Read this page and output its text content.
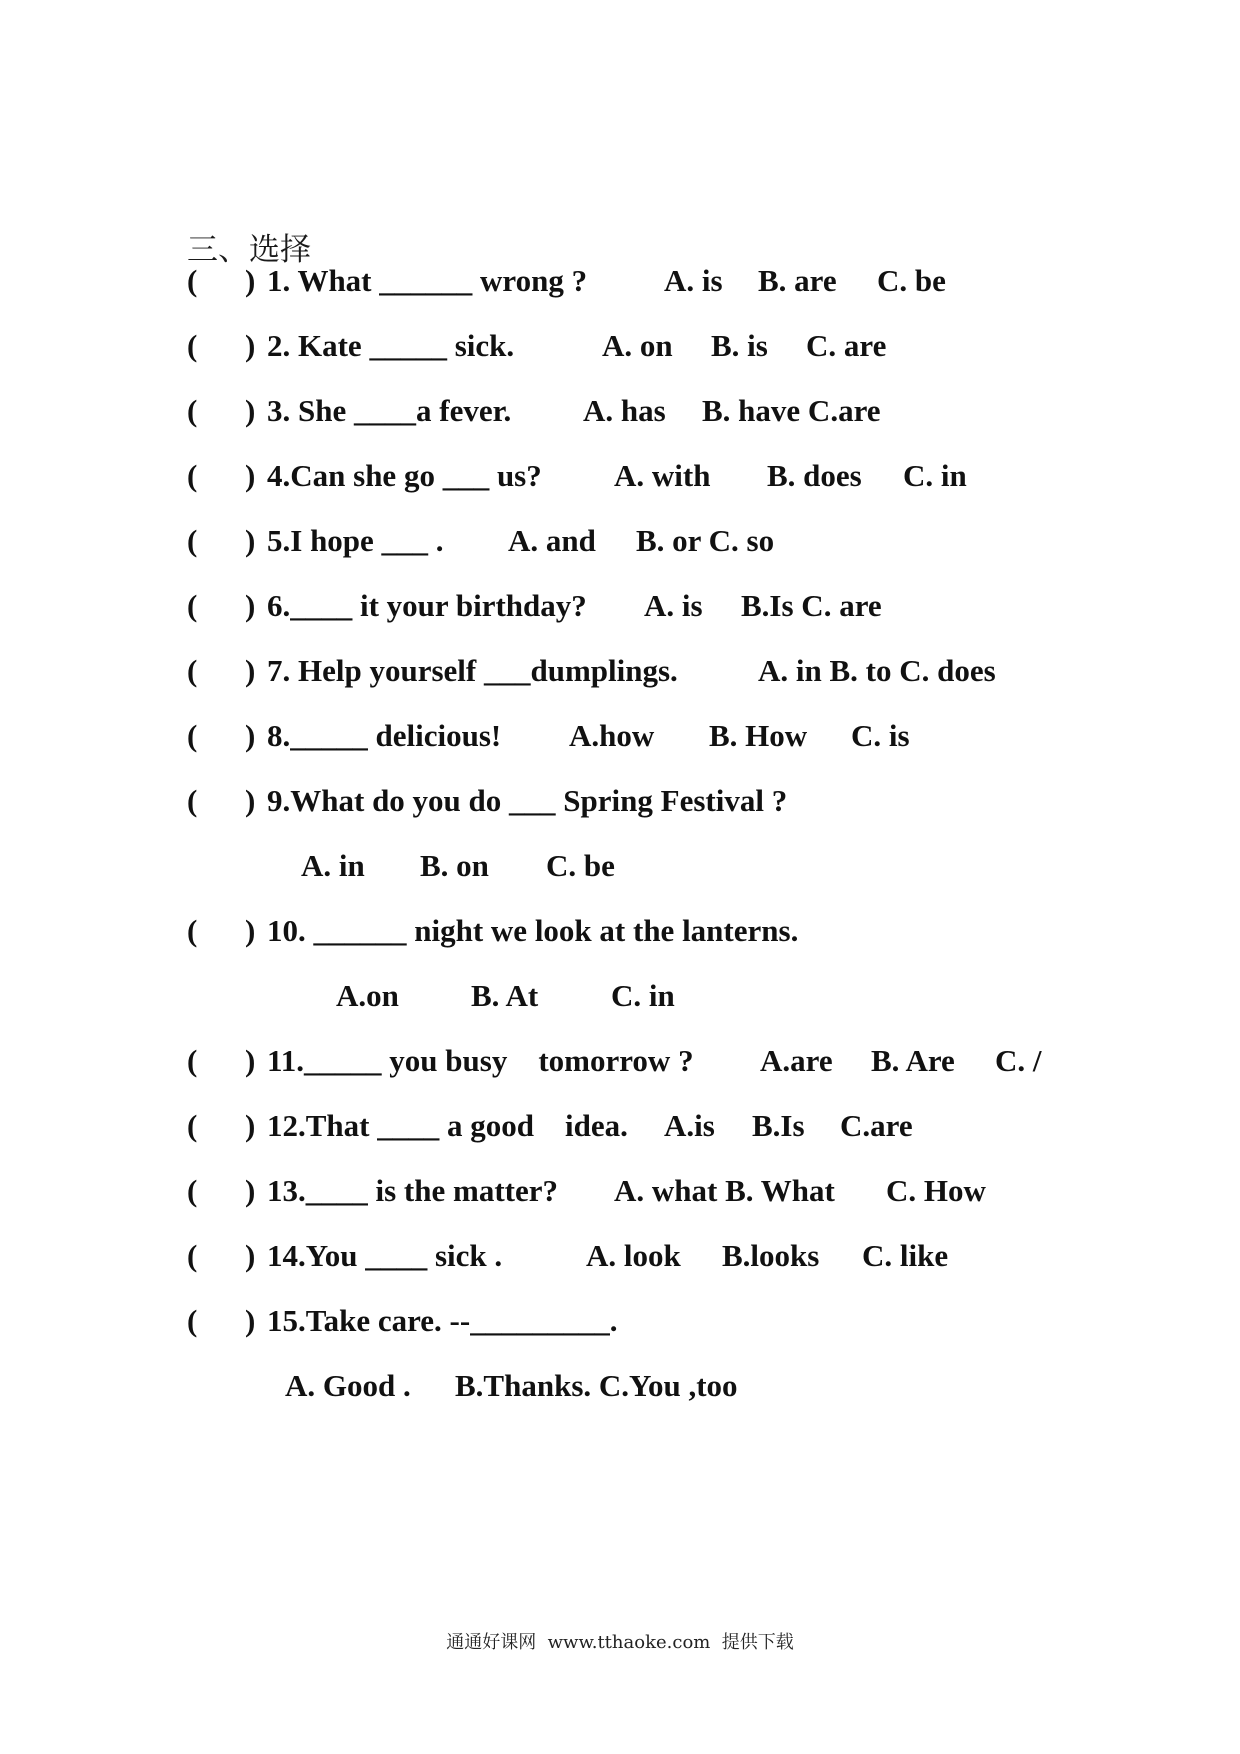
三、选择

(

)

1. What ______ wrong ?

A. is

B. are

C. be

(

)

2. Kate _____ sick.

	A. on

B. is

C. are

(

)

3. She ____a fever.

A. has

B. have C.are

(

)

4.Can she go ___ us?

A. with

B. does

C. in

(

)

5.I hope ___ .

A. and

B. or C. so

(

)

6.____ it your birthday?

A. is

B.Is C. are

(

)

7. Help yourself ___dumplings.

	A. in B. to C. does

(

)

8._____ delicious!

A.how

B. How

C. is

(

)

9.What do you do ___ Spring Festival ?

A. in

B. on

C. be

(

)

10. ______ night we look at the lanterns.

A.on

B. At

C. in

(

)

11._____ you busy    tomorrow ?

A.are

B. Are

C. /

(

)

12.That ____ a good    idea.

A.is

B.Is

C.are

(

)

13.____ is the matter?

A. what B. What

C. How

(

)

14.You ____ sick .

	A. look

B.looks

C. like

(

)

15.Take care. --_________.

A. Good .

B.Thanks. C.You ,too

通通好课网  www.tthaoke.com  提供下载
